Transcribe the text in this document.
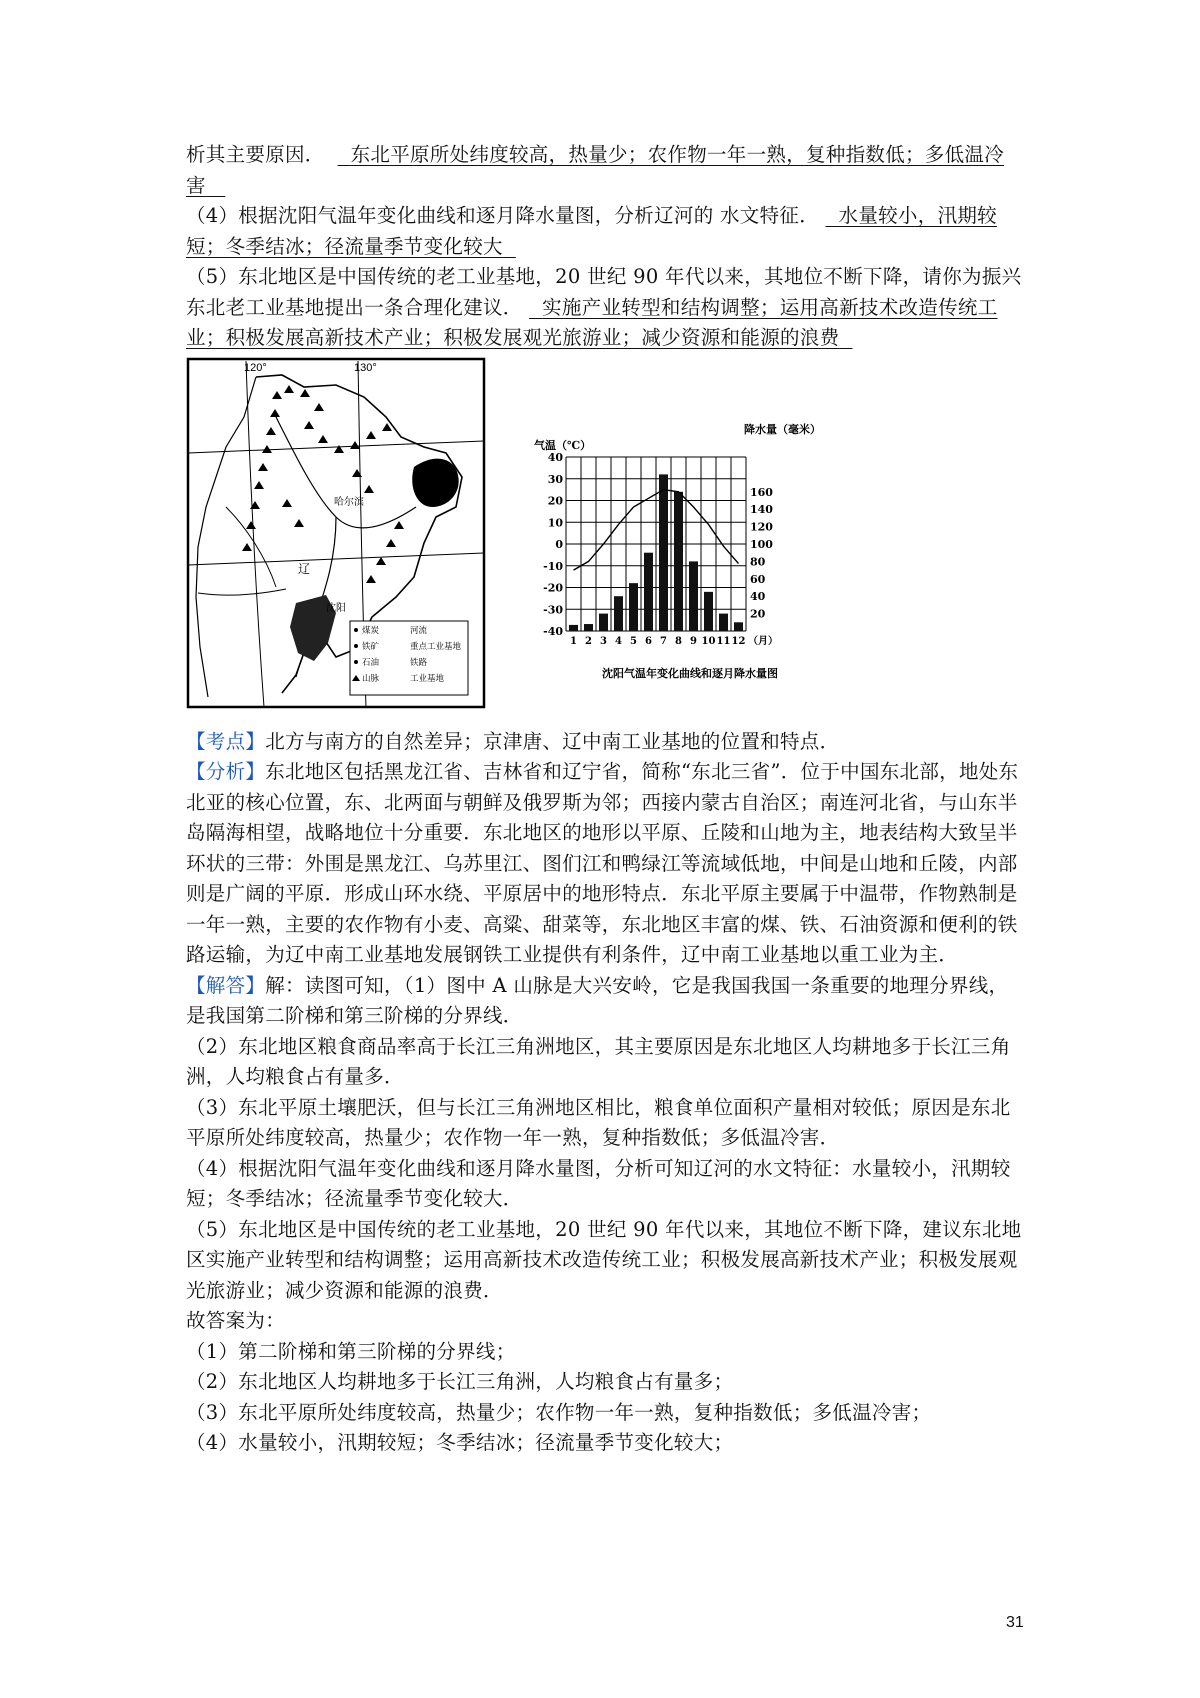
析其主要原因． 东北平原所处纬度较高，热量少；农作物一年一熟，复种指数低；多低温冷害

（4）根据沈阳气温年变化曲线和逐月降水量图，分析辽河的 水文特征． 水量较小，汛期较短；冬季结冰；径流量季节变化较大

（5）东北地区是中国传统的老工业基地，20 世纪 90 年代以来，其地位不断下降，请你为振兴东北老工业基地提出一条合理化建议． 实施产业转型和结构调整；运用高新技术改造传统工业；积极发展高新技术产业；积极发展观光旅游业；减少资源和能源的浪费

120°	130°
哈尔滨
辽
沈阳
煤炭
铁矿
石油
山脉
河流
重点工业基地
铁路
工业基地
气温（℃）
降水量（毫米）
40
30
20
10
0
-10
-20
-30
-40
160
140
120
100
80
60
40
20
1 2 3 4 5 6 7 8 9 10 11 12 （月）
沈阳气温年变化曲线和逐月降水量图

【考点】北方与南方的自然差异；京津唐、辽中南工业基地的位置和特点．

【分析】东北地区包括黑龙江省、吉林省和辽宁省，简称“东北三省”．位于中国东北部，地处东北亚的核心位置，东、北两面与朝鲜及俄罗斯为邻；西接内蒙古自治区；南连河北省，与山东半岛隔海相望，战略地位十分重要．东北地区的地形以平原、丘陵和山地为主，地表结构大致呈半环状的三带：外围是黑龙江、乌苏里江、图们江和鸭绿江等流域低地，中间是山地和丘陵，内部则是广阔的平原．形成山环水绕、平原居中的地形特点．东北平原主要属于中温带，作物熟制是一年一熟，主要的农作物有小麦、高粱、甜菜等，东北地区丰富的煤、铁、石油资源和便利的铁路运输，为辽中南工业基地发展钢铁工业提供有利条件，辽中南工业基地以重工业为主．

【解答】解：读图可知，（1）图中 A 山脉是大兴安岭，它是我国我国一条重要的地理分界线，是我国第二阶梯和第三阶梯的分界线．

（2）东北地区粮食商品率高于长江三角洲地区，其主要原因是东北地区人均耕地多于长江三角洲，人均粮食占有量多．

（3）东北平原土壤肥沃，但与长江三角洲地区相比，粮食单位面积产量相对较低；原因是东北平原所处纬度较高，热量少；农作物一年一熟，复种指数低；多低温冷害．

（4）根据沈阳气温年变化曲线和逐月降水量图，分析可知辽河的水文特征：水量较小，汛期较短；冬季结冰；径流量季节变化较大．

（5）东北地区是中国传统的老工业基地，20 世纪 90 年代以来，其地位不断下降，建议东北地区实施产业转型和结构调整；运用高新技术改造传统工业；积极发展高新技术产业；积极发展观光旅游业；减少资源和能源的浪费．

故答案为：

（1）第二阶梯和第三阶梯的分界线；

（2）东北地区人均耕地多于长江三角洲，人均粮食占有量多；

（3）东北平原所处纬度较高，热量少；农作物一年一熟，复种指数低；多低温冷害；

（4）水量较小，汛期较短；冬季结冰；径流量季节变化较大；

31
